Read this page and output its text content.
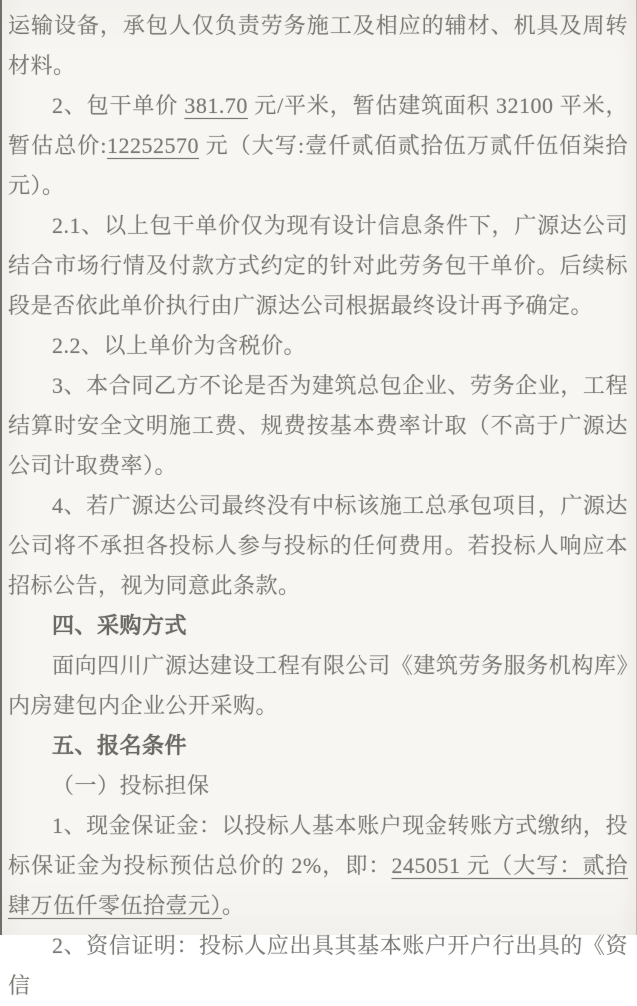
运输设备，承包人仅负责劳务施工及相应的辅材、机具及周转材料。

2、包干单价 381.70 元/平米，暂估建筑面积 32100 平米，暂估总价:12252570 元（大写:壹仟贰佰贰拾伍万贰仟伍佰柒拾元）。

2.1、以上包干单价仅为现有设计信息条件下，广源达公司结合市场行情及付款方式约定的针对此劳务包干单价。后续标段是否依此单价执行由广源达公司根据最终设计再予确定。

2.2、以上单价为含税价。

3、本合同乙方不论是否为建筑总包企业、劳务企业，工程结算时安全文明施工费、规费按基本费率计取（不高于广源达公司计取费率）。

4、若广源达公司最终没有中标该施工总承包项目，广源达公司将不承担各投标人参与投标的任何费用。若投标人响应本招标公告，视为同意此条款。

四、采购方式

面向四川广源达建设工程有限公司《建筑劳务服务机构库》内房建包内企业公开采购。

五、报名条件

（一）投标担保

1、现金保证金：以投标人基本账户现金转账方式缴纳，投标保证金为投标预估总价的 2%，即：245051 元（大写：贰拾肆万伍仟零伍拾壹元）。

2、资信证明：投标人应出具其基本账户开户行出具的《资信
